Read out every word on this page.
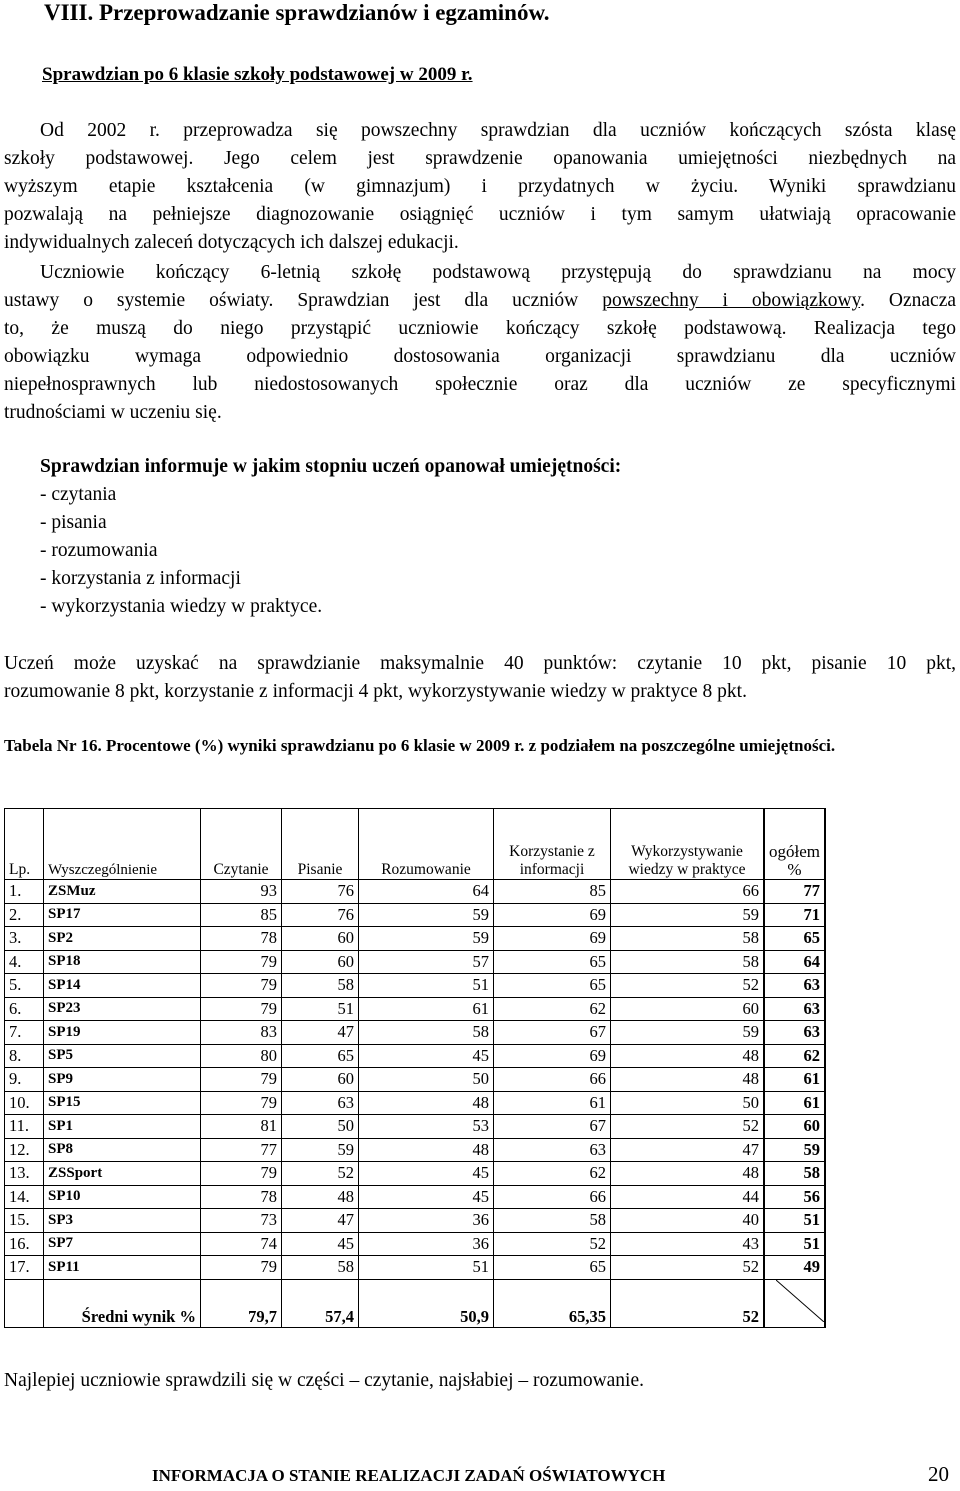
VIII. Przeprowadzanie sprawdzianów i egzaminów.
Sprawdzian po 6 klasie szkoły podstawowej w 2009 r.
Od 2002 r. przeprowadza się powszechny sprawdzian dla uczniów kończących szósta klasę
szkoły podstawowej. Jego celem jest sprawdzenie opanowania umiejętności niezbędnych na
wyższym etapie kształcenia (w gimnazjum) i przydatnych w życiu. Wyniki sprawdzianu
pozwalają na pełniejsze diagnozowanie osiągnięć uczniów i tym samym ułatwiają opracowanie
indywidualnych zaleceń dotyczących ich dalszej edukacji.
Uczniowie kończący 6-letnią szkołę podstawową przystępują do sprawdzianu na mocy
ustawy o systemie oświaty. Sprawdzian jest dla uczniów powszechny i obowiązkowy. Oznacza
to, że muszą do niego przystąpić uczniowie kończący szkołę podstawową. Realizacja tego
obowiązku wymaga odpowiednio dostosowania organizacji sprawdzianu dla uczniów
niepełnosprawnych lub niedostosowanych społecznie oraz dla uczniów ze specyficznymi
trudnościami w uczeniu się.
Sprawdzian informuje w jakim stopniu uczeń opanował umiejętności:
- czytania
- pisania
- rozumowania
- korzystania z informacji
- wykorzystania wiedzy w praktyce.
Uczeń może uzyskać na sprawdzianie maksymalnie 40 punktów: czytanie 10 pkt, pisanie 10 pkt,
rozumowanie 8 pkt, korzystanie z informacji 4 pkt, wykorzystywanie wiedzy w praktyce 8 pkt.
Tabela Nr 16. Procentowe (%) wyniki sprawdzianu po 6 klasie w 2009 r. z podziałem na poszczególne umiejętności.
Lp.	Wyszczególnienie	Czytanie	Pisanie	Rozumowanie	Korzystanie z informacji	Wykorzystywanie wiedzy w praktyce	ogółem %
1.	ZSMuz	93	76	64	85	66	77
2.	SP17	85	76	59	69	59	71
3.	SP2	78	60	59	69	58	65
4.	SP18	79	60	57	65	58	64
5.	SP14	79	58	51	65	52	63
6.	SP23	79	51	61	62	60	63
7.	SP19	83	47	58	67	59	63
8.	SP5	80	65	45	69	48	62
9.	SP9	79	60	50	66	48	61
10.	SP15	79	63	48	61	50	61
11.	SP1	81	50	53	67	52	60
12.	SP8	77	59	48	63	47	59
13.	ZSSport	79	52	45	62	48	58
14.	SP10	78	48	45	66	44	56
15.	SP3	73	47	36	58	40	51
16.	SP7	74	45	36	52	43	51
17.	SP11	79	58	51	65	52	49
	Średni wynik %	79,7	57,4	50,9	65,35	52	
Najlepiej uczniowie sprawdzili się w części – czytanie, najsłabiej – rozumowanie.
INFORMACJA O STANIE REALIZACJI ZADAŃ OŚWIATOWYCH	20
